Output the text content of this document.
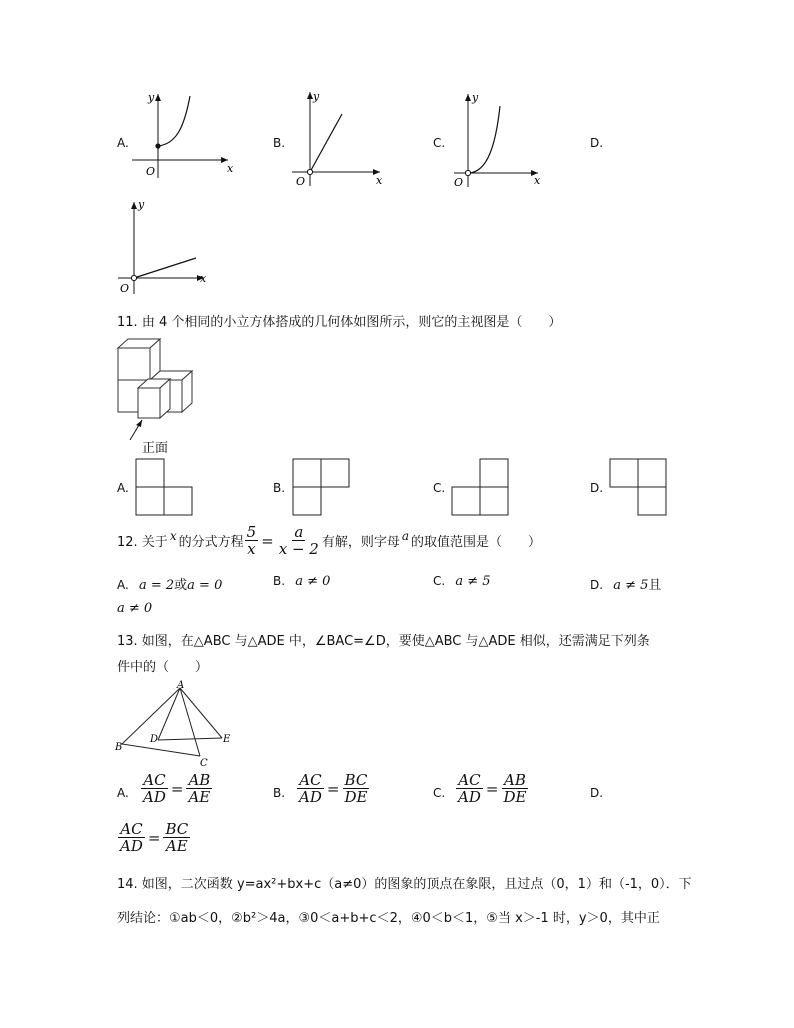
A.
y
x
O
B.
y
x
O
C.
y
x
O
D.
y
x
O
11. 由 4 个相同的小立方体搭成的几何体如图所示，则它的主视图是（　　）
正面
A.	B.	C.	D.
12. 关于 x 的分式方程 $\frac{5}{x} = \frac{a}{x - 2}$ 有解，则字母 a 的取值范围是（　　）
A. a = 2或a = 0	B. a ≠ 0	C. a ≠ 5	D. a ≠ 5且
a ≠ 0
13. 如图，在△ABC 与△ADE 中，∠BAC=∠D，要使△ABC 与△ADE 相似，还需满足下列条
件中的（　　）
A
B
C
D	E
A. $\frac{AC}{AD} = \frac{AB}{AE}$	B. $\frac{AC}{AD} = \frac{BC}{DE}$	C. $\frac{AC}{AD} = \frac{AB}{DE}$	D.
$\frac{AC}{AD} = \frac{BC}{AE}$
14. 如图，二次函数 y=ax²+bx+c（a≠0）的图象的顶点在象限，且过点（0，1）和（-1，0）．下
列结论：①ab＜0，②b²＞4a，③0＜a+b+c＜2，④0＜b＜1，⑤当 x＞-1 时，y＞0，其中正
